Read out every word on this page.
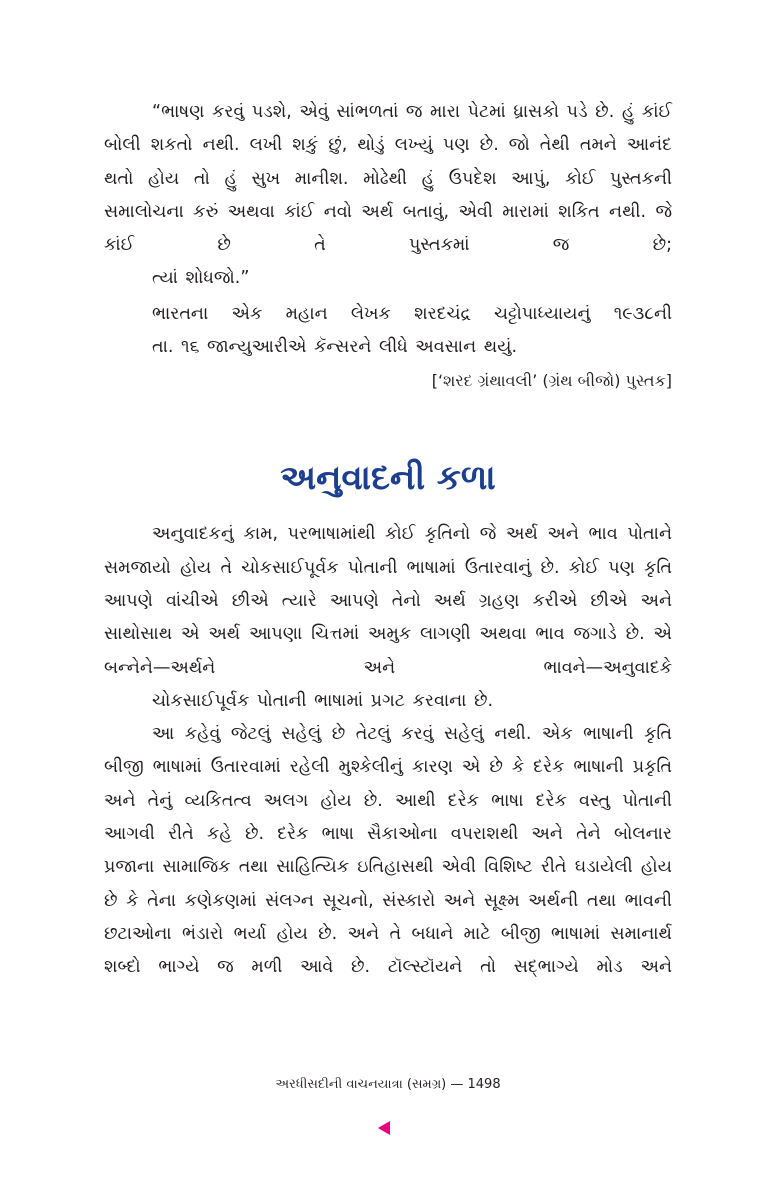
“ભાષણ કરવું પડશે, એવું સાંભળતાં જ મારા પેટમાં ધ્રાસકો પડે છે. હું કાંઈ બોલી શકતો નથી. લખી શકું છું, થોડું લખ્યું પણ છે. જો તેથી તમને આનંદ થતો હોય તો હું સુખ માનીશ. મોઢેથી હું ઉપદેશ આપું, કોઈ પુસ્તકની સમાલોચના કરું અથવા કાંઈ નવો અર્થ બતાવું, એવી મારામાં શકિત નથી. જે કાંઈ છે તે પુસ્તકમાં જ છે;
ત્યાં શોધજો.”
ભારતના એક મહાન લેખક શરદચંદ્ર ચટ્ટોપાધ્યાયનું ૧૯૩૮ની
તા. ૧૬ જાન્યુઆરીએ કૅન્સરને લીધે અવસાન થયું.
[‘શરદ ગ્રંથાવલી’ (ગ્રંથ બીજો) પુસ્તક]
અનુવાદની કળા
અનુવાદકનું કામ, પરભાષામાંથી કોઈ કૃતિનો જે અર્થ અને ભાવ પોતાને સમજાયો હોય તે ચોકસાઈપૂર્વક પોતાની ભાષામાં ઉતારવાનું છે. કોઈ પણ કૃતિ આપણે વાંચીએ છીએ ત્યારે આપણે તેનો અર્થ ગ્રહણ કરીએ છીએ અને સાથોસાથ એ અર્થ આપણા ચિત્તમાં અમુક લાગણી અથવા ભાવ જગાડે છે. એ બન્નેને—અર્થને અને ભાવને—અનુવાદકે
ચોકસાઈપૂર્વક પોતાની ભાષામાં પ્રગટ કરવાના છે.
આ કહેવું જેટલું સહેલું છે તેટલું કરવું સહેલું નથી. એક ભાષાની કૃતિ બીજી ભાષામાં ઉતારવામાં રહેલી મુશ્કેલીનું કારણ એ છે કે દરેક ભાષાની પ્રકૃતિ અને તેનું વ્યકિતત્વ અલગ હોય છે. આથી દરેક ભાષા દરેક વસ્તુ પોતાની આગવી રીતે કહે છે. દરેક ભાષા સૈકાઓના વપરાશથી અને તેને બોલનાર પ્રજાના સામાજિક તથા સાહિત્યિક ઇતિહાસથી એવી વિશિષ્ટ રીતે ઘડાયેલી હોય છે કે તેના કણેકણમાં સંલગ્ન સૂચનો, સંસ્કારો અને સૂક્ષ્મ અર્થની તથા ભાવની છટાઓના ભંડારો ભર્યા હોય છે. અને તે બધાને માટે બીજી ભાષામાં સમાનાર્થ શબ્દો ભાગ્યે જ મળી આવે છે. ટૉલ્સ્ટૉયને તો સદ્ભાગ્યે મોડ અને
અરધીસદીની વાચનયાત્રા (સમગ્ર) — 1498
